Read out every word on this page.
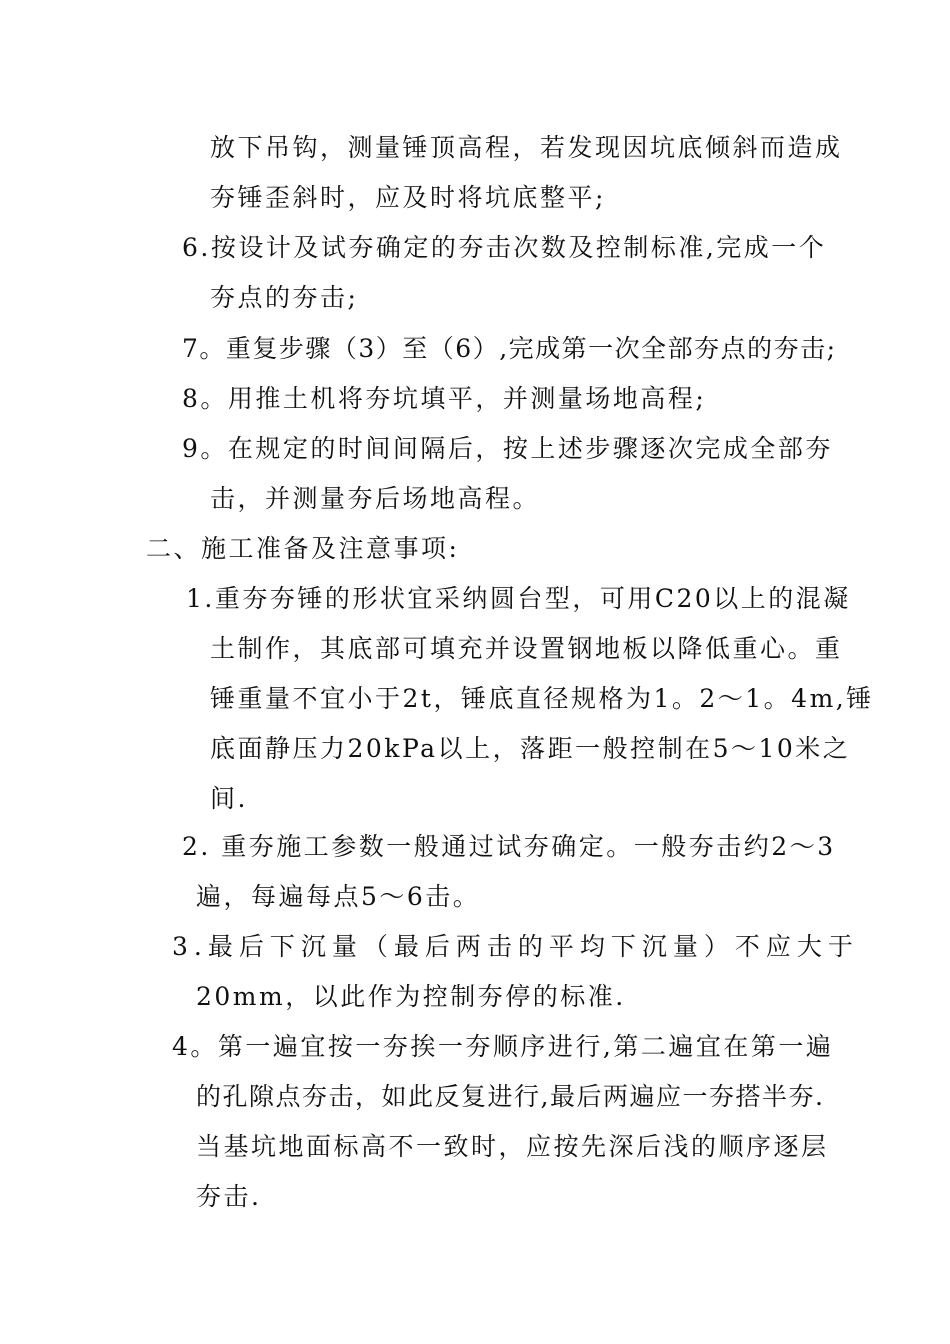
放下吊钩，测量锤顶高程，若发现因坑底倾斜而造成
夯锤歪斜时，应及时将坑底整平;
6.按设计及试夯确定的夯击次数及控制标准,完成一个
夯点的夯击;
7。重复步骤（3）至（6）,完成第一次全部夯点的夯击;
8。用推土机将夯坑填平，并测量场地高程;
9。在规定的时间间隔后，按上述步骤逐次完成全部夯
击，并测量夯后场地高程。
二、施工准备及注意事项:
1.重夯夯锤的形状宜采纳圆台型，可用C20以上的混凝
土制作，其底部可填充并设置钢地板以降低重心。重
锤重量不宜小于2t，锤底直径规格为1。2～1。4m,锤
底面静压力20kPa以上，落距一般控制在5～10米之
间.
2. 重夯施工参数一般通过试夯确定。一般夯击约2～3
遍，每遍每点5～6击。
3.最后下沉量（最后两击的平均下沉量）不应大于
20mm，以此作为控制夯停的标准.
4。第一遍宜按一夯挨一夯顺序进行,第二遍宜在第一遍
的孔隙点夯击，如此反复进行,最后两遍应一夯搭半夯.
当基坑地面标高不一致时，应按先深后浅的顺序逐层
夯击.
